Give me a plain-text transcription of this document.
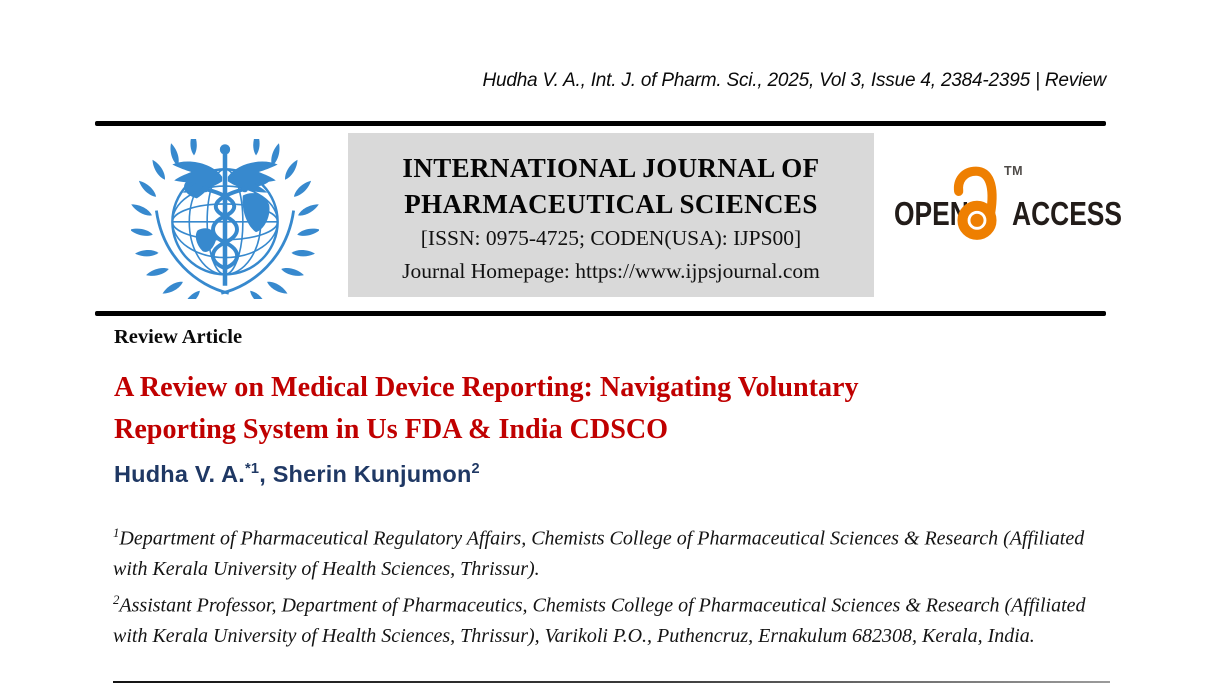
Hudha V. A., Int. J. of Pharm. Sci., 2025, Vol 3, Issue 4, 2384-2395 | Review
INTERNATIONAL JOURNAL OF
PHARMACEUTICAL SCIENCES
[ISSN: 0975-4725; CODEN(USA): IJPS00]
Journal Homepage: https://www.ijpsjournal.com
OPEN
TM
ACCESS
Review Article
A Review on Medical Device Reporting: Navigating Voluntary
Reporting System in Us FDA & India CDSCO
Hudha V. A.$^{*1}$, Sherin Kunjumon$^2$

$^1$Department of Pharmaceutical Regulatory Affairs, Chemists College of Pharmaceutical Sciences & Research (Affiliated with Kerala University of Health Sciences, Thrissur).

$^2$Assistant Professor, Department of Pharmaceutics, Chemists College of Pharmaceutical Sciences & Research (Affiliated with Kerala University of Health Sciences, Thrissur), Varikoli P.O., Puthencruz, Ernakulum 682308, Kerala, India.
